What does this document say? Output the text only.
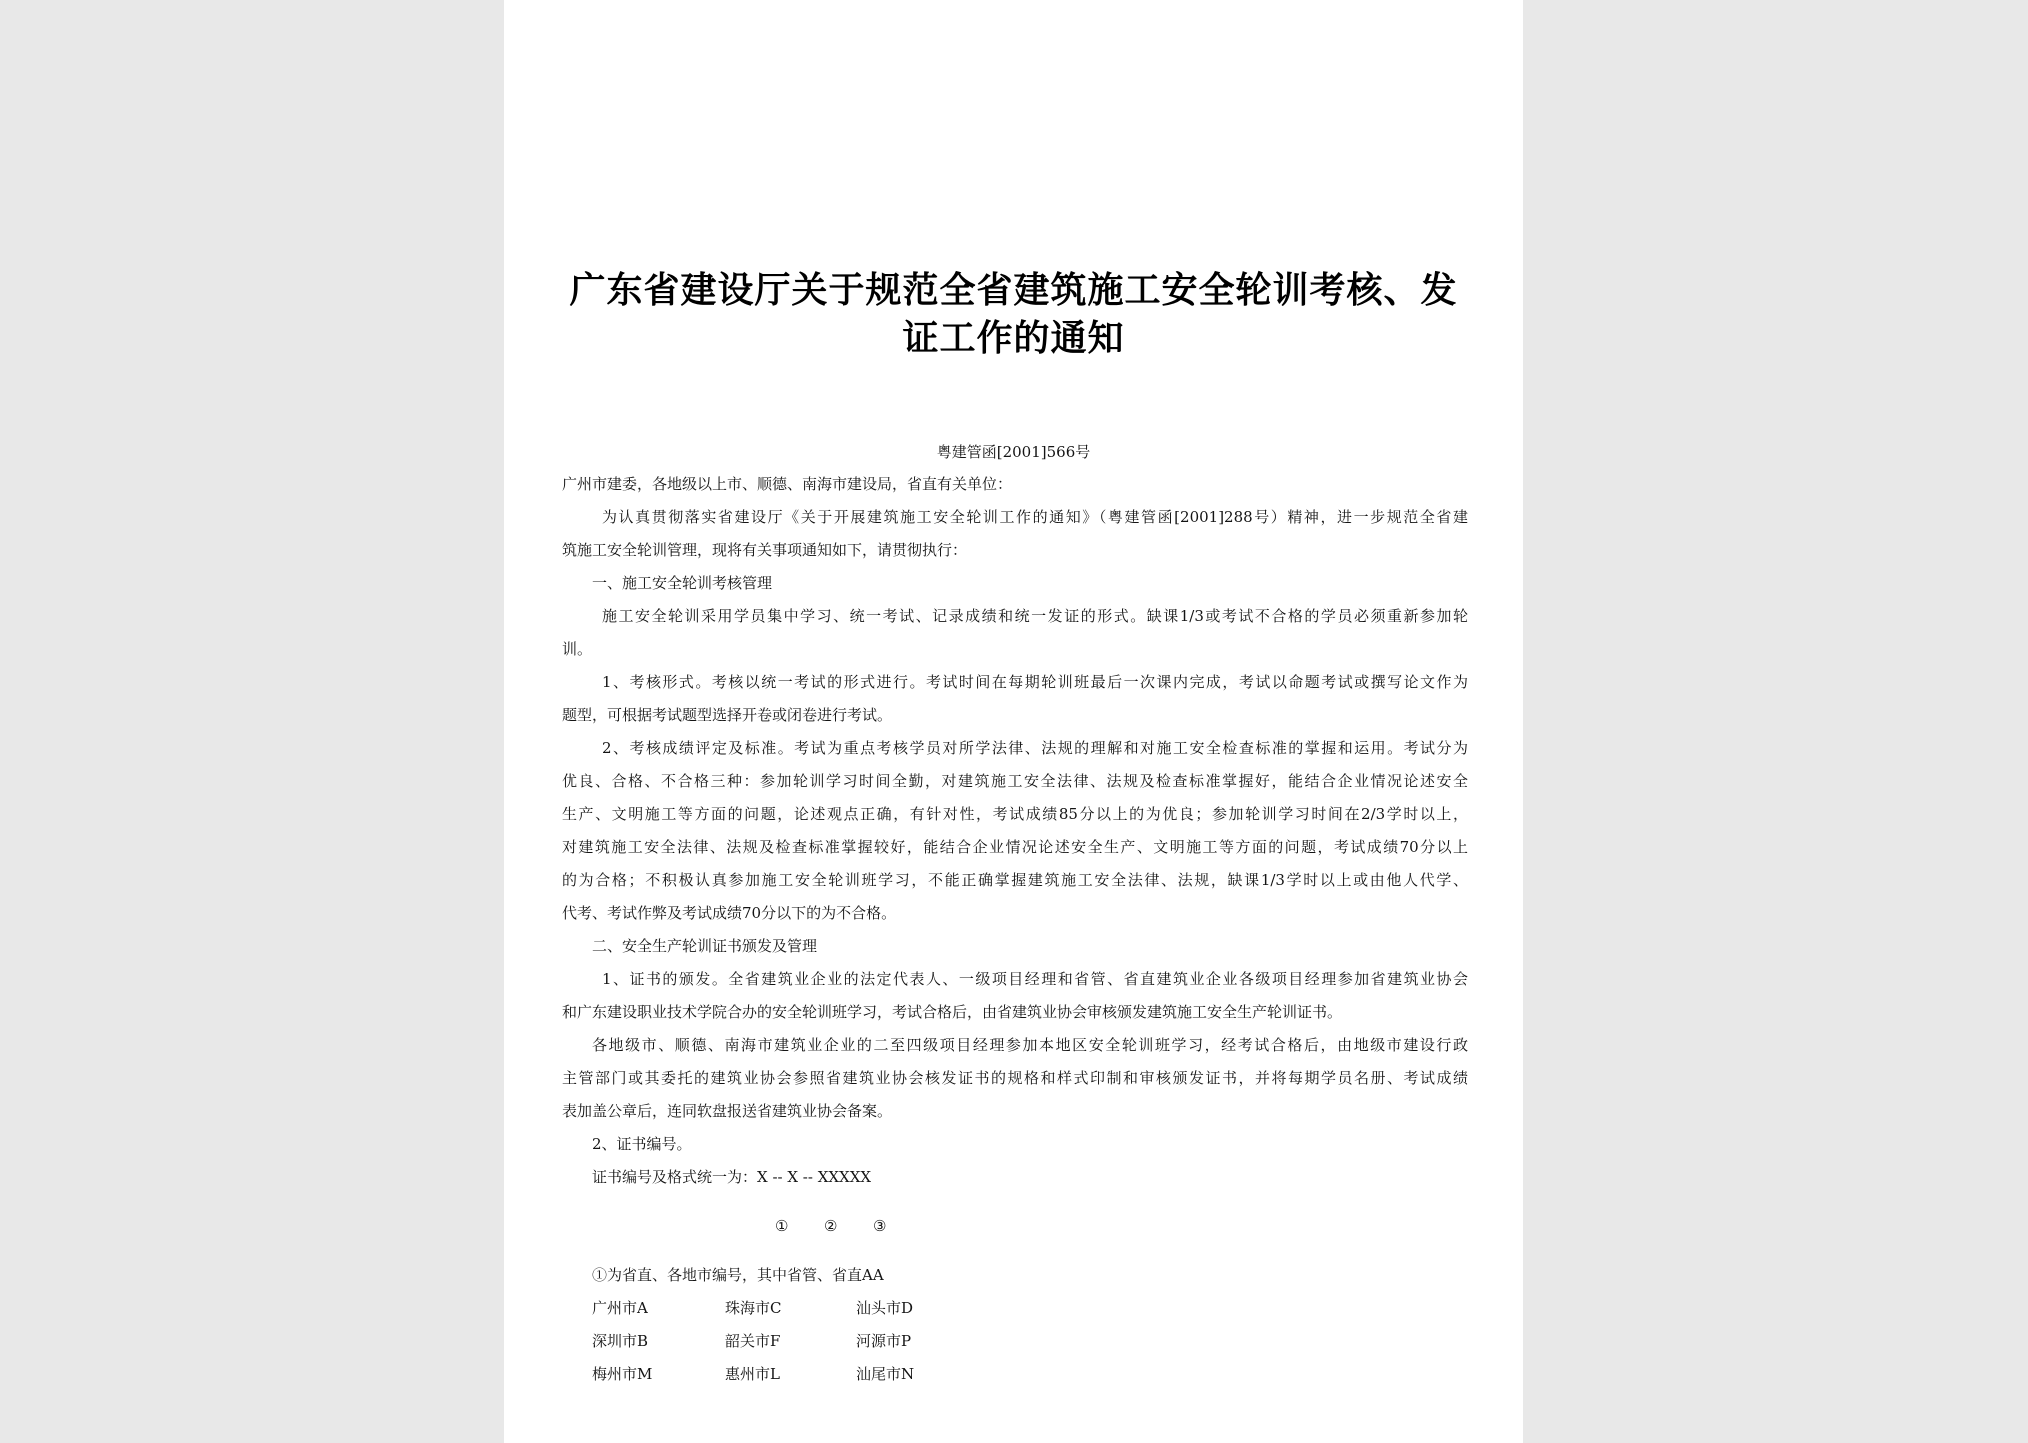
广东省建设厅关于规范全省建筑施工安全轮训考核、发
证工作的通知
粤建管函[2001]566号
广州市建委，各地级以上市、顺德、南海市建设局，省直有关单位：
为认真贯彻落实省建设厅《关于开展建筑施工安全轮训工作的通知》（粤建管函[2001]288号）精神，进一步规范全省建
筑施工安全轮训管理，现将有关事项通知如下，请贯彻执行：
一、施工安全轮训考核管理
施工安全轮训采用学员集中学习、统一考试、记录成绩和统一发证的形式。缺课1/3或考试不合格的学员必须重新参加轮
训。
1、考核形式。考核以统一考试的形式进行。考试时间在每期轮训班最后一次课内完成，考试以命题考试或撰写论文作为
题型，可根据考试题型选择开卷或闭卷进行考试。
2、考核成绩评定及标准。考试为重点考核学员对所学法律、法规的理解和对施工安全检查标准的掌握和运用。考试分为
优良、合格、不合格三种：参加轮训学习时间全勤，对建筑施工安全法律、法规及检查标准掌握好，能结合企业情况论述安全
生产、文明施工等方面的问题，论述观点正确，有针对性，考试成绩85分以上的为优良；参加轮训学习时间在2/3学时以上，
对建筑施工安全法律、法规及检查标准掌握较好，能结合企业情况论述安全生产、文明施工等方面的问题，考试成绩70分以上
的为合格；不积极认真参加施工安全轮训班学习，不能正确掌握建筑施工安全法律、法规，缺课1/3学时以上或由他人代学、
代考、考试作弊及考试成绩70分以下的为不合格。
二、安全生产轮训证书颁发及管理
1、证书的颁发。全省建筑业企业的法定代表人、一级项目经理和省管、省直建筑业企业各级项目经理参加省建筑业协会
和广东建设职业技术学院合办的安全轮训班学习，考试合格后，由省建筑业协会审核颁发建筑施工安全生产轮训证书。
各地级市、顺德、南海市建筑业企业的二至四级项目经理参加本地区安全轮训班学习，经考试合格后，由地级市建设行政
主管部门或其委托的建筑业协会参照省建筑业协会核发证书的规格和样式印制和审核颁发证书，并将每期学员名册、考试成绩
表加盖公章后，连同软盘报送省建筑业协会备案。
2、证书编号。
证书编号及格式统一为：X -- X -- XXXXX
① ② ③
①为省直、各地市编号，其中省管、省直AA
广州市A	珠海市C	汕头市D
深圳市B	韶关市F	河源市P
梅州市M	惠州市L	汕尾市N
